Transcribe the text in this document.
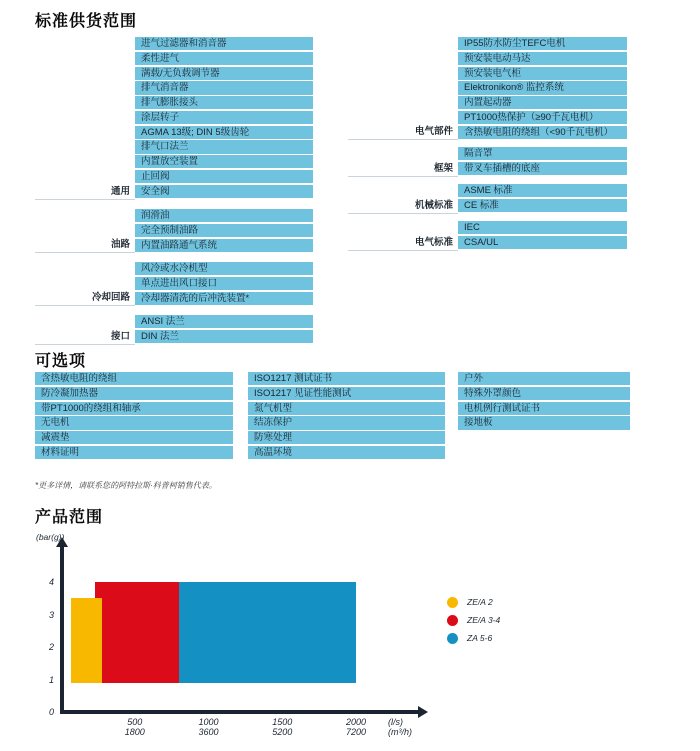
标准供货范围
通用
进气过滤器和消音器
柔性进气
满载/无负载调节器
排气消音器
排气膨胀接头
涂层转子
AGMA 13级; DIN 5级齿轮
排气口法兰
内置放空装置
止回阀
安全阀
油路
润滑油
完全预制油路
内置油路通气系统
冷却回路
风冷或水冷机型
单点进出风口接口
冷却器清洗的后冲洗装置*
接口
ANSI 法兰
DIN 法兰
电气部件
IP55防水防尘TEFC电机
预安装电动马达
预安装电气柜
Elektronikon® 监控系统
内置起动器
PT1000热保护（≥90千瓦电机）
含热敏电阻的绕组（<90千瓦电机）
框架
隔音罩
带叉车插槽的底座
机械标准
ASME 标准
CE 标准
电气标准
IEC
CSA/UL
可选项
含热敏电阻的绕组
防冷凝加热器
带PT1000的绕组和轴承
无电机
减震垫
材料证明
ISO1217 测试证书
ISO1217 见证性能测试
氮气机型
结冻保护
防寒处理
高温环境
户外
特殊外罩颜色
电机例行测试证书
接地板
*更多详情，请联系您的阿特拉斯·科普柯销售代表。
产品范围
(bar(g))
0
1
2
3
4
500
1800
1000
3600
1500
5200
2000
7200
(l/s)
(m³/h)
ZE/A 2
ZE/A 3-4
ZA 5-6
